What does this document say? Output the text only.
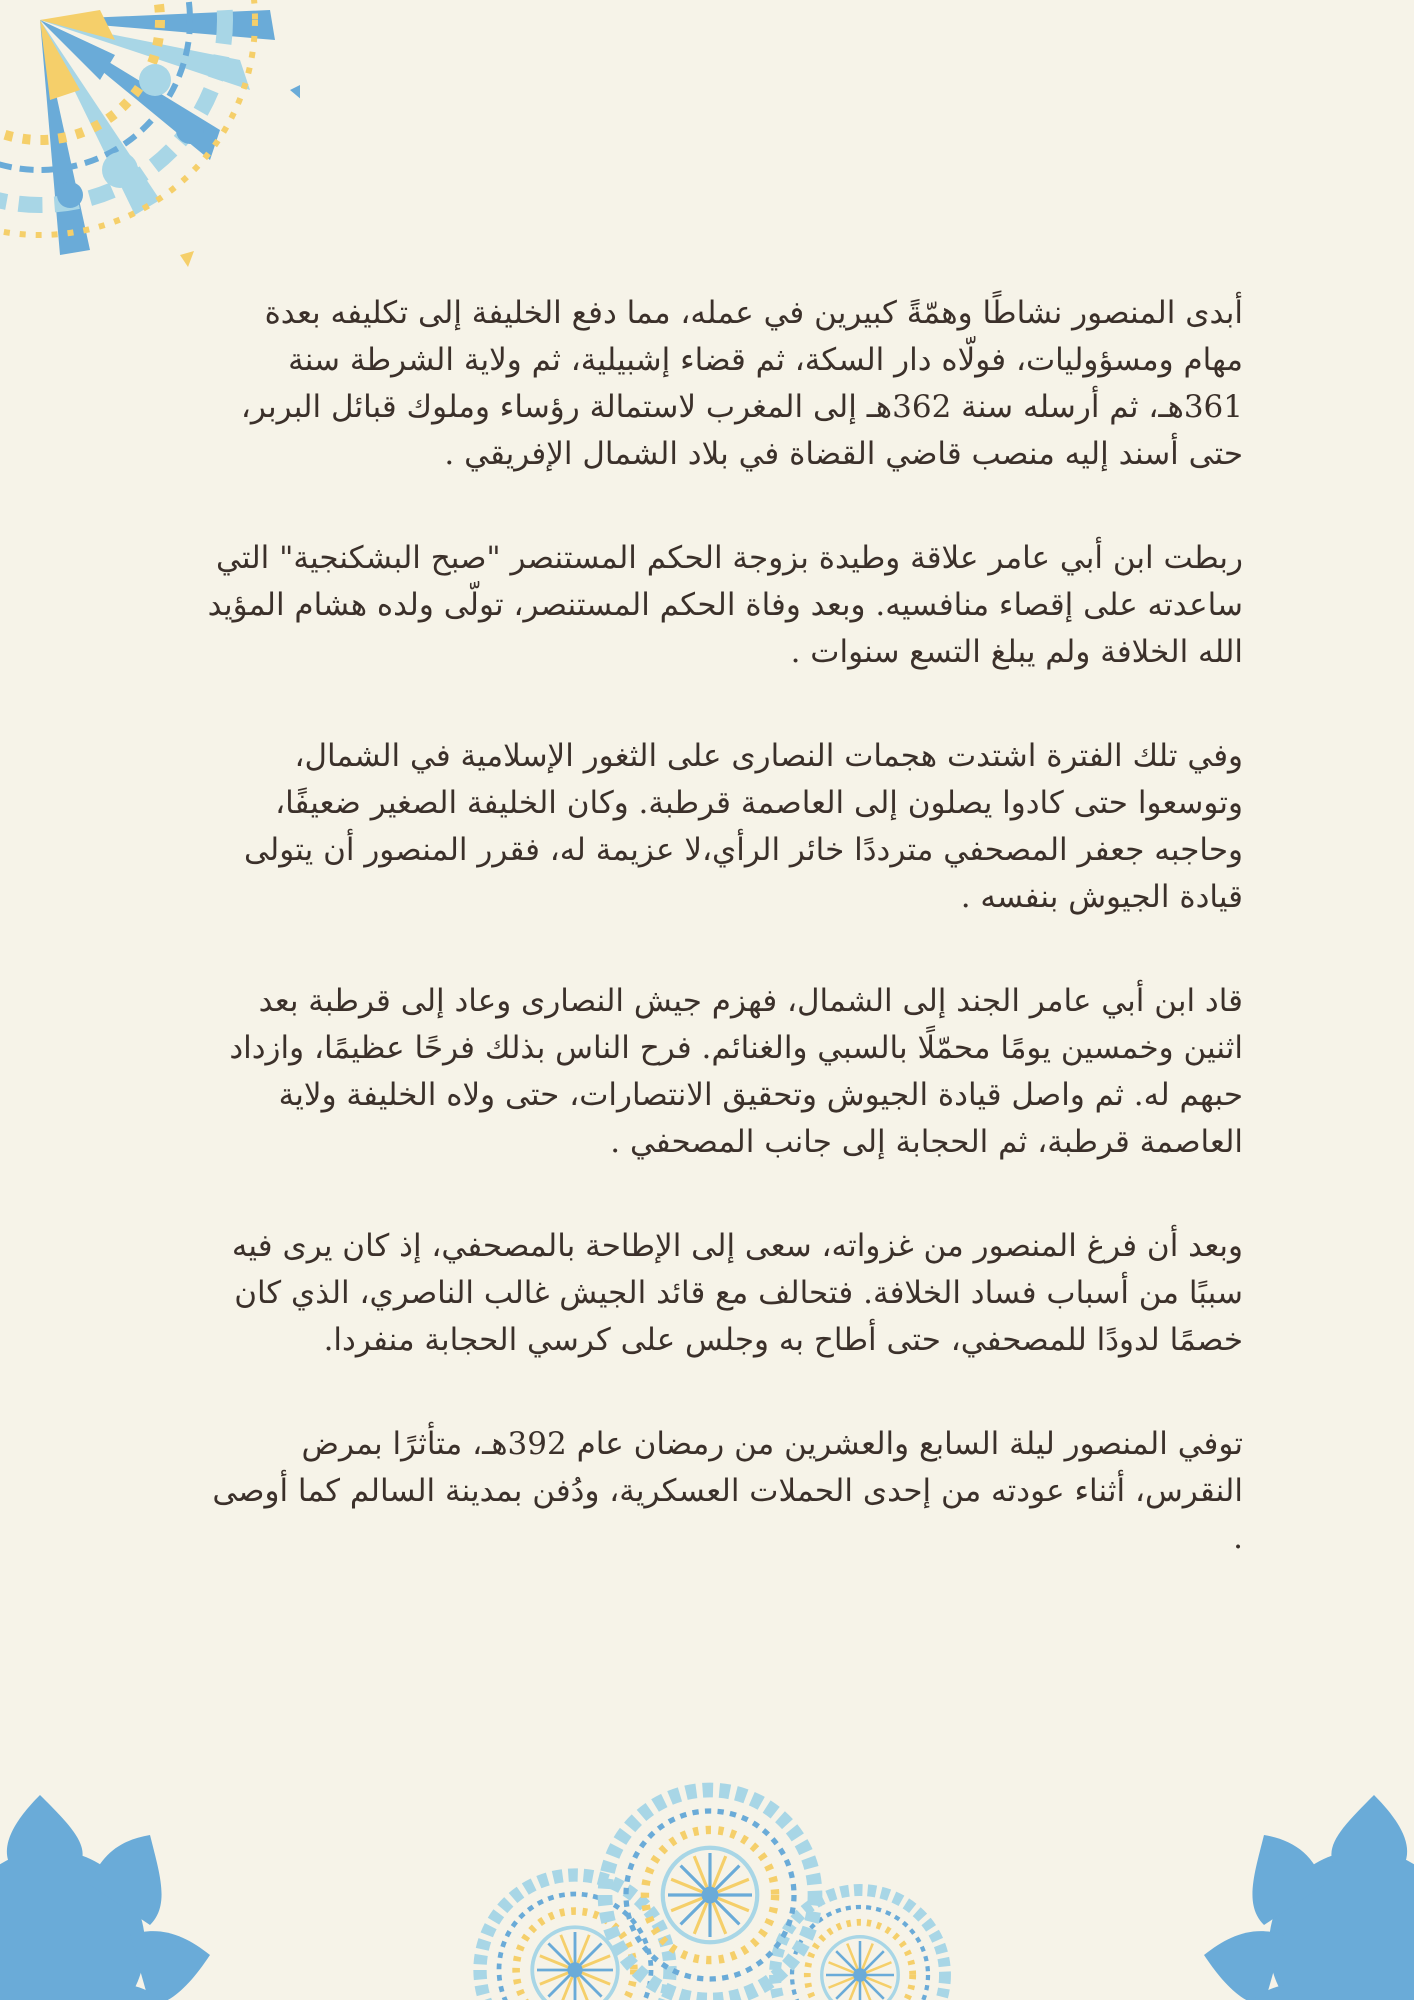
أبدى المنصور نشاطًا وهمّةً كبيرين في عمله، مما دفع الخليفة إلى تكليفه بعدة مهام ومسؤوليات، فولّاه دار السكة، ثم قضاء إشبيلية، ثم ولاية الشرطة سنة 361هـ، ثم أرسله سنة 362هـ إلى المغرب لاستمالة رؤساء وملوك قبائل البربر، حتى أسند إليه منصب قاضي القضاة في بلاد الشمال الإفريقي .

ربطت ابن أبي عامر علاقة وطيدة بزوجة الحكم المستنصر "صبح البشكنجية" التي ساعدته على إقصاء منافسيه. وبعد وفاة الحكم المستنصر، تولّى ولده هشام المؤيد الله الخلافة ولم يبلغ التسع سنوات .

وفي تلك الفترة اشتدت هجمات النصارى على الثغور الإسلامية في الشمال، وتوسعوا حتى كادوا يصلون إلى العاصمة قرطبة. وكان الخليفة الصغير ضعيفًا، وحاجبه جعفر المصحفي مترددًا خائر الرأي،لا عزيمة له، فقرر المنصور أن يتولى قيادة الجيوش بنفسه .

قاد ابن أبي عامر الجند إلى الشمال، فهزم جيش النصارى وعاد إلى قرطبة بعد اثنين وخمسين يومًا محمّلًا بالسبي والغنائم. فرح الناس بذلك فرحًا عظيمًا، وازداد حبهم له. ثم واصل قيادة الجيوش وتحقيق الانتصارات، حتى ولاه الخليفة ولاية العاصمة قرطبة، ثم الحجابة إلى جانب المصحفي .

وبعد أن فرغ المنصور من غزواته، سعى إلى الإطاحة بالمصحفي، إذ كان يرى فيه سببًا من أسباب فساد الخلافة. فتحالف مع قائد الجيش غالب الناصري، الذي كان خصمًا لدودًا للمصحفي، حتى أطاح به وجلس على كرسي الحجابة منفردا.

توفي المنصور ليلة السابع والعشرين من رمضان عام 392هـ، متأثرًا بمرض النقرس، أثناء عودته من إحدى الحملات العسكرية، ودُفن بمدينة السالم كما أوصى .
